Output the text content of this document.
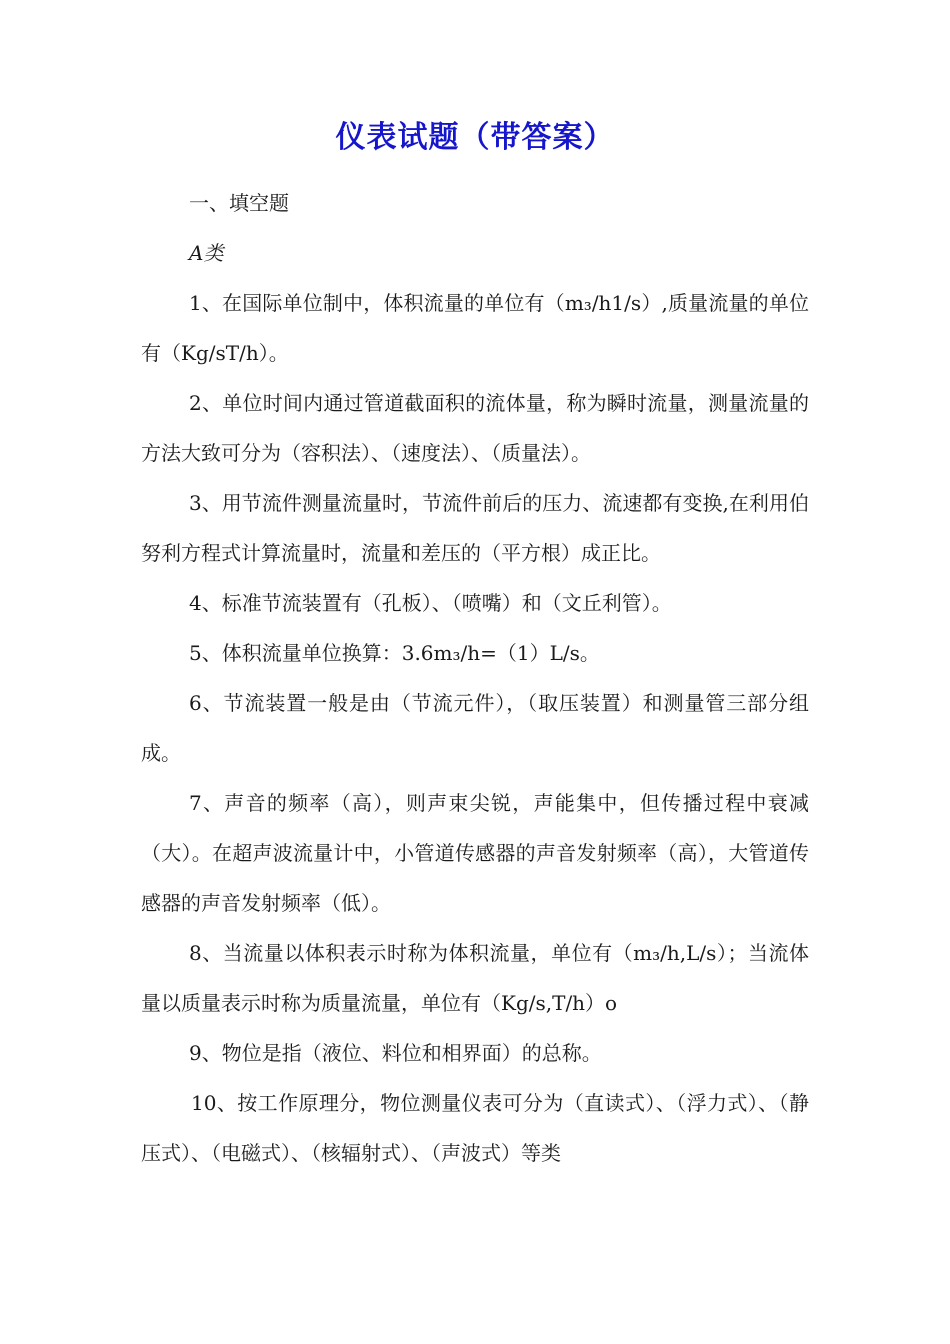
仪表试题（带答案）

一、填空题

A类

1、在国际单位制中，体积流量的单位有（m₃/h1/s）,质量流量的单位有（Kg/sT/h）。

2、单位时间内通过管道截面积的流体量，称为瞬时流量，测量流量的方法大致可分为（容积法）、（速度法）、（质量法）。

3、用节流件测量流量时，节流件前后的压力、流速都有变换,在利用伯努利方程式计算流量时，流量和差压的（平方根）成正比。

4、标准节流装置有（孔板）、（喷嘴）和（文丘利管）。

5、体积流量单位换算：3.6m₃/h=（1）L/s。

6、节流装置一般是由（节流元件），（取压装置）和测量管三部分组成。

7、声音的频率（高），则声束尖锐，声能集中，但传播过程中衰减（大）。在超声波流量计中，小管道传感器的声音发射频率（高），大管道传感器的声音发射频率（低）。

8、当流量以体积表示时称为体积流量，单位有（m₃/h,L/s）；当流体量以质量表示时称为质量流量，单位有（Kg/s,T/h）o

9、物位是指（液位、料位和相界面）的总称。

10、按工作原理分，物位测量仪表可分为（直读式）、（浮力式）、（静压式）、（电磁式）、（核辐射式）、（声波式）等类
